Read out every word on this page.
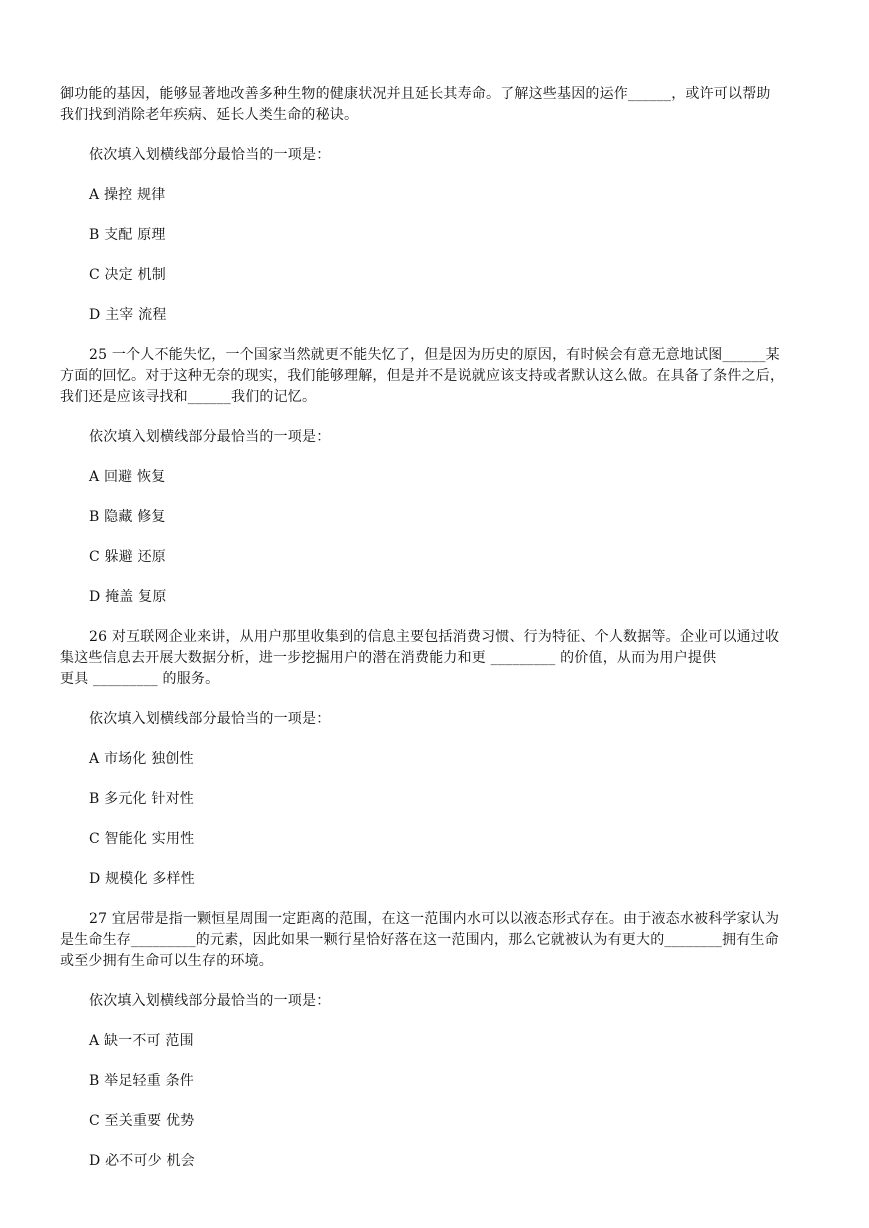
御功能的基因，能够显著地改善多种生物的健康状况并且延长其寿命。了解这些基因的运作______，或许可以帮助

我们找到消除老年疾病、延长人类生命的秘诀。

依次填入划横线部分最恰当的一项是：

A 操控 规律

B 支配 原理

C 决定 机制

D 主宰 流程

25 一个人不能失忆，一个国家当然就更不能失忆了，但是因为历史的原因，有时候会有意无意地试图______某

方面的回忆。对于这种无奈的现实，我们能够理解，但是并不是说就应该支持或者默认这么做。在具备了条件之后，

我们还是应该寻找和______我们的记忆。

依次填入划横线部分最恰当的一项是：

A 回避 恢复

B 隐藏 修复

C 躲避 还原

D 掩盖 复原

26 对互联网企业来讲，从用户那里收集到的信息主要包括消费习惯、行为特征、个人数据等。企业可以通过收

集这些信息去开展大数据分析，进一步挖掘用户的潜在消费能力和更 _________ 的价值，从而为用户提供

更具 _________ 的服务。

依次填入划横线部分最恰当的一项是：

A 市场化 独创性

B 多元化 针对性

C 智能化 实用性

D 规模化 多样性

27 宜居带是指一颗恒星周围一定距离的范围，在这一范围内水可以以液态形式存在。由于液态水被科学家认为

是生命生存_________的元素，因此如果一颗行星恰好落在这一范围内，那么它就被认为有更大的________拥有生命

或至少拥有生命可以生存的环境。

依次填入划横线部分最恰当的一项是：

A 缺一不可 范围

B 举足轻重 条件

C 至关重要 优势

D 必不可少 机会
